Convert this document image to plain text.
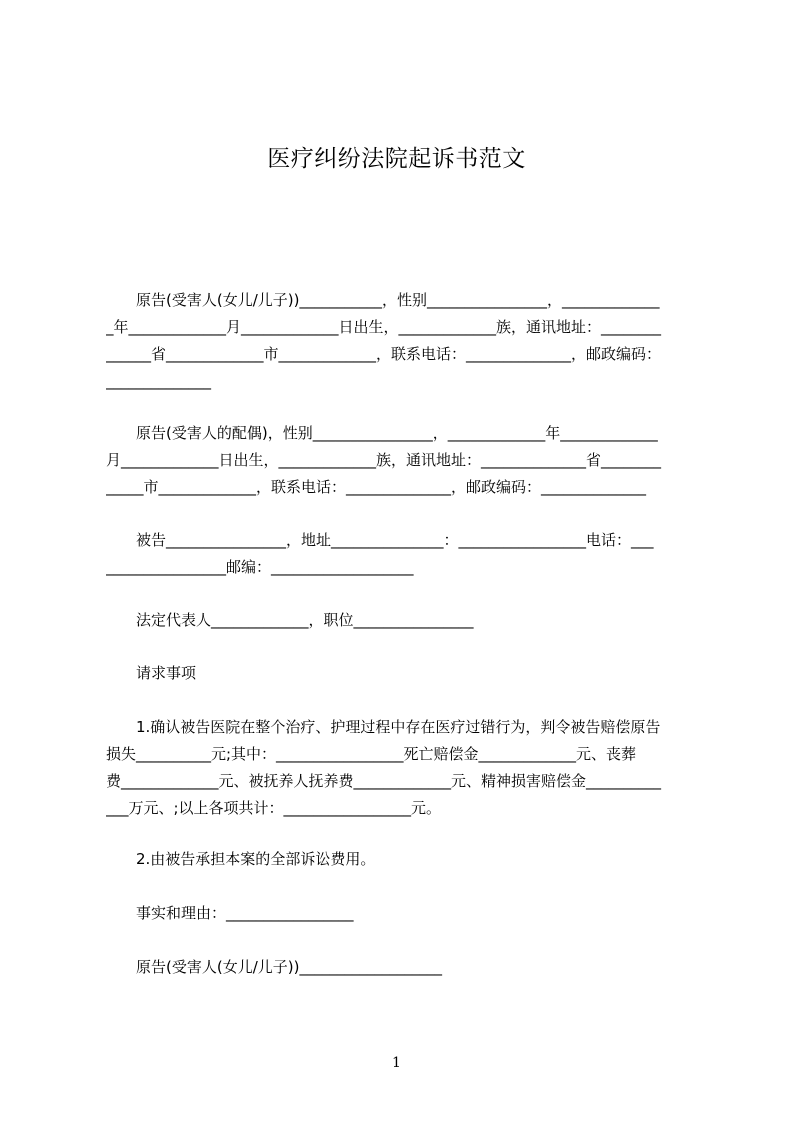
医疗纠纷法院起诉书范文
　　原告(受害人(女儿/儿子))___________，性别________________，_____________
_年_____________月_____________日出生，_____________族，通讯地址：________
______省_____________市_____________，联系电话：______________，邮政编码：
______________
　　原告(受害人的配偶)，性别________________，_____________年_____________
月_____________日出生，_____________族，通讯地址：______________省________
_____市_____________，联系电话：______________，邮政编码：______________
　　被告________________，地址_______________：_________________电话：___
________________邮编：___________________
　　法定代表人_____________，职位________________
　　请求事项
　　1.确认被告医院在整个治疗、护理过程中存在医疗过错行为，判令被告赔偿原告
损失__________元;其中：_________________死亡赔偿金_____________元、丧葬
费_____________元、被抚养人抚养费_____________元、精神损害赔偿金__________
___万元、;以上各项共计：_________________元。
　　2.由被告承担本案的全部诉讼费用。
　　事实和理由：_________________
　　原告(受害人(女儿/儿子))___________________
1
